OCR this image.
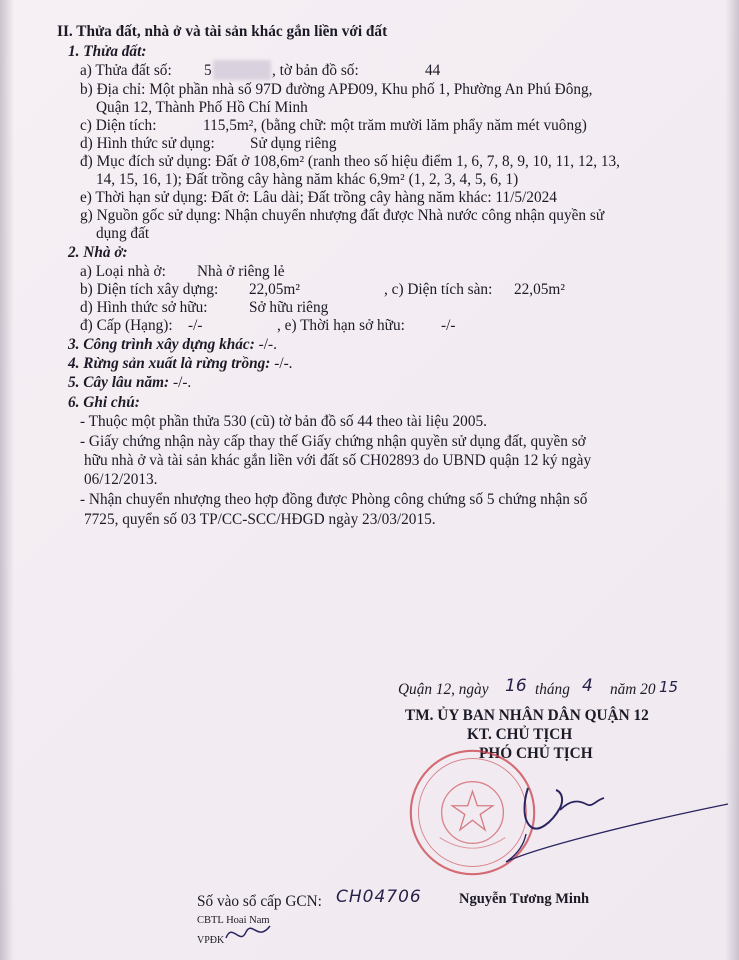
II. Thửa đất, nhà ở và tài sản khác gắn liền với đất
1. Thửa đất:
a) Thửa đất số: 5	, tờ bản đồ số:	44
b) Địa chỉ: Một phần nhà số 97D đường APĐ09, Khu phố 1, Phường An Phú Đông,
Quận 12, Thành Phố Hồ Chí Minh
c) Diện tích:	115,5m², (bằng chữ: một trăm mười lăm phẩy năm mét vuông)
d) Hình thức sử dụng: Sử dụng riêng
đ) Mục đích sử dụng: Đất ở 108,6m² (ranh theo số hiệu điểm 1, 6, 7, 8, 9, 10, 11, 12, 13,
14, 15, 16, 1); Đất trồng cây hàng năm khác 6,9m² (1, 2, 3, 4, 5, 6, 1)
e) Thời hạn sử dụng: Đất ở: Lâu dài; Đất trồng cây hàng năm khác: 11/5/2024
g) Nguồn gốc sử dụng: Nhận chuyển nhượng đất được Nhà nước công nhận quyền sử
dụng đất
2. Nhà ở:
a) Loại nhà ở: Nhà ở riêng lẻ
b) Diện tích xây dựng: 22,05m²	, c) Diện tích sàn: 22,05m²
d) Hình thức sở hữu:	Sở hữu riêng
đ) Cấp (Hạng): -/-	, e) Thời hạn sở hữu: -/-
3. Công trình xây dựng khác: -/-.
4. Rừng sản xuất là rừng trồng: -/-.
5. Cây lâu năm: -/-.
6. Ghi chú:
- Thuộc một phần thửa 530 (cũ) tờ bản đồ số 44 theo tài liệu 2005.
- Giấy chứng nhận này cấp thay thế Giấy chứng nhận quyền sử dụng đất, quyền sở
hữu nhà ở và tài sản khác gắn liền với đất số CH02893 do UBND quận 12 ký ngày
06/12/2013.
- Nhận chuyển nhượng theo hợp đồng được Phòng công chứng số 5 chứng nhận số
7725, quyển số 03 TP/CC-SCC/HĐGD ngày 23/03/2015.
Quận 12, ngày 16 tháng 4 năm 20 15
TM. ỦY BAN NHÂN DÂN QUẬN 12
KT. CHỦ TỊCH
PHÓ CHỦ TỊCH
Nguyễn Tương Minh
Số vào sổ cấp GCN: CH04706
CBTL Hoai Nam
VPĐK
